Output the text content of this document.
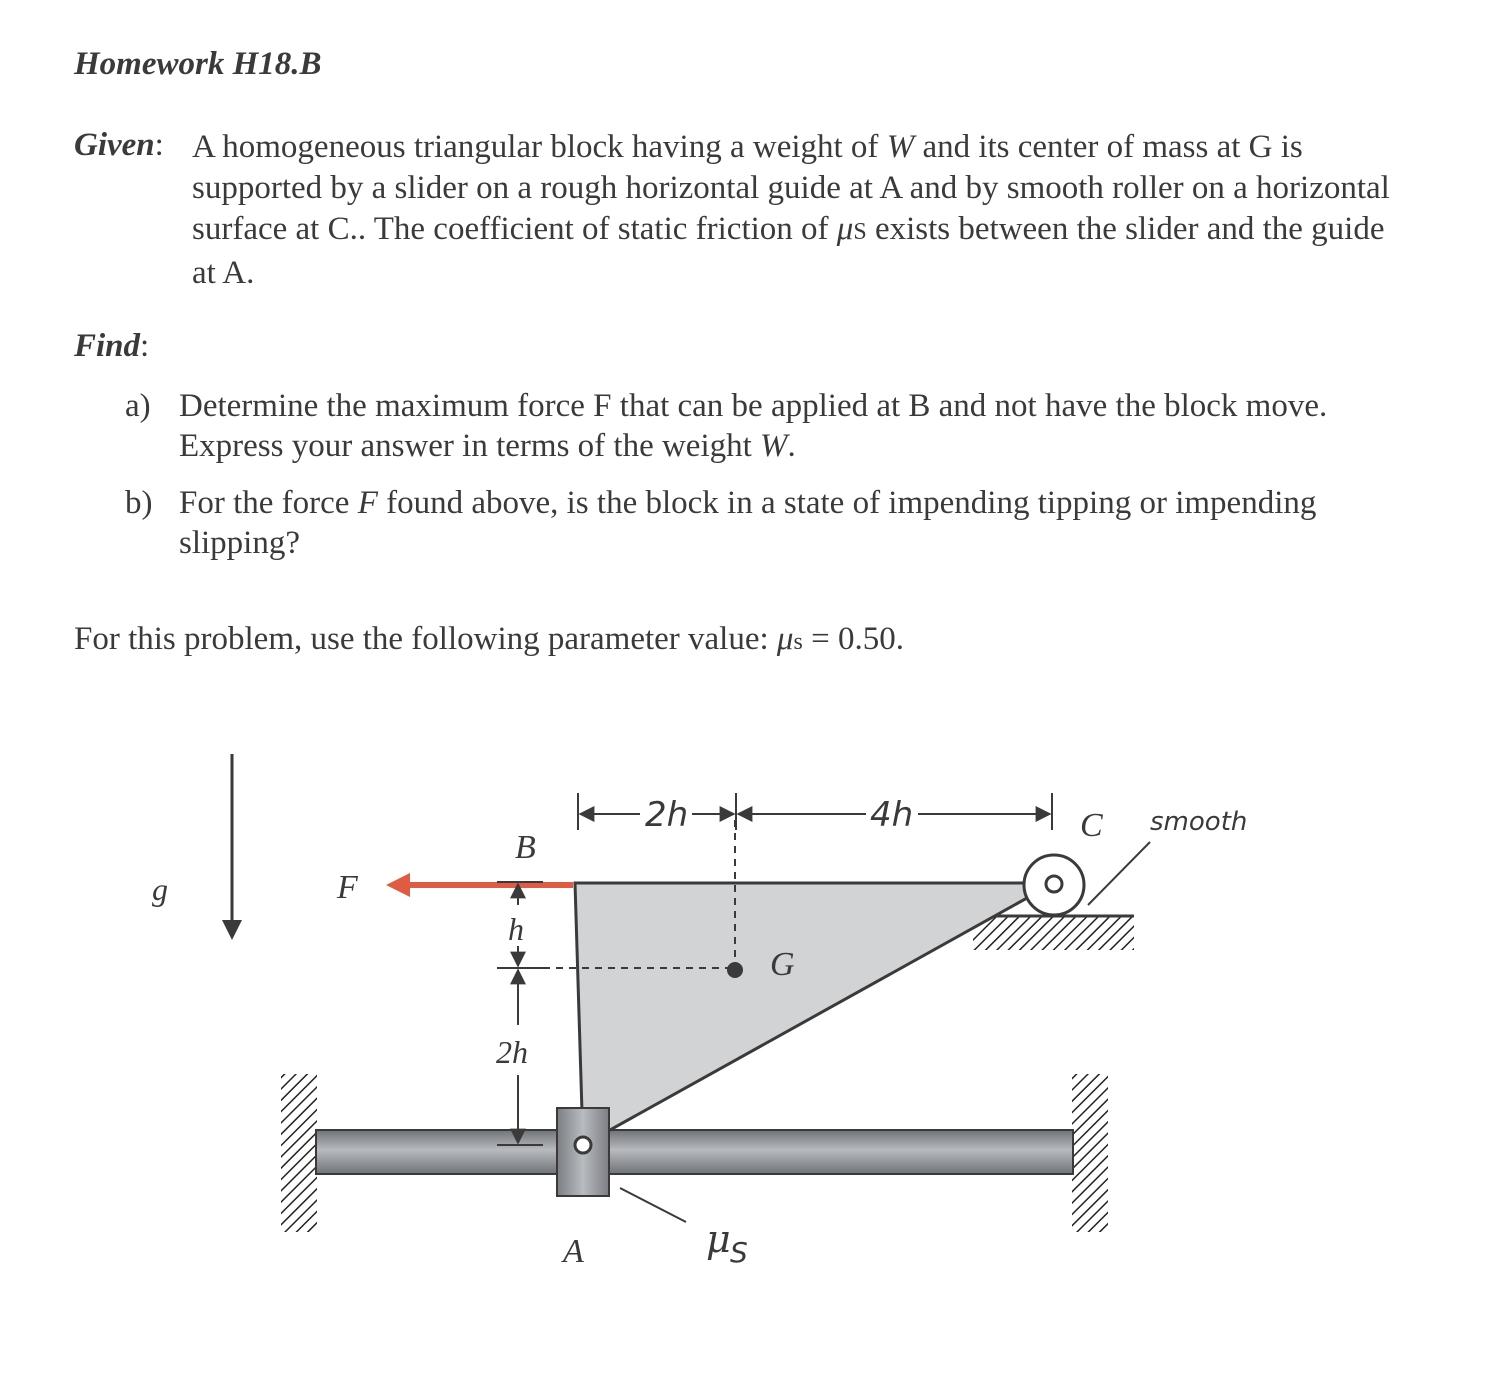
Homework H18.B
Given: A homogeneous triangular block having a weight of W and its center of mass at G is supported by a slider on a rough horizontal guide at A and by smooth roller on a horizontal surface at C.. The coefficient of static friction of μS exists between the slider and the guide at A.
Find:
a) Determine the maximum force F that can be applied at B and not have the block move. Express your answer in terms of the weight W.
b) For the force F found above, is the block in a state of impending tipping or impending slipping?
For this problem, use the following parameter value: μs = 0.50.
g	F
B
h
2h
G
2h	4h	C smooth
A	μ S
